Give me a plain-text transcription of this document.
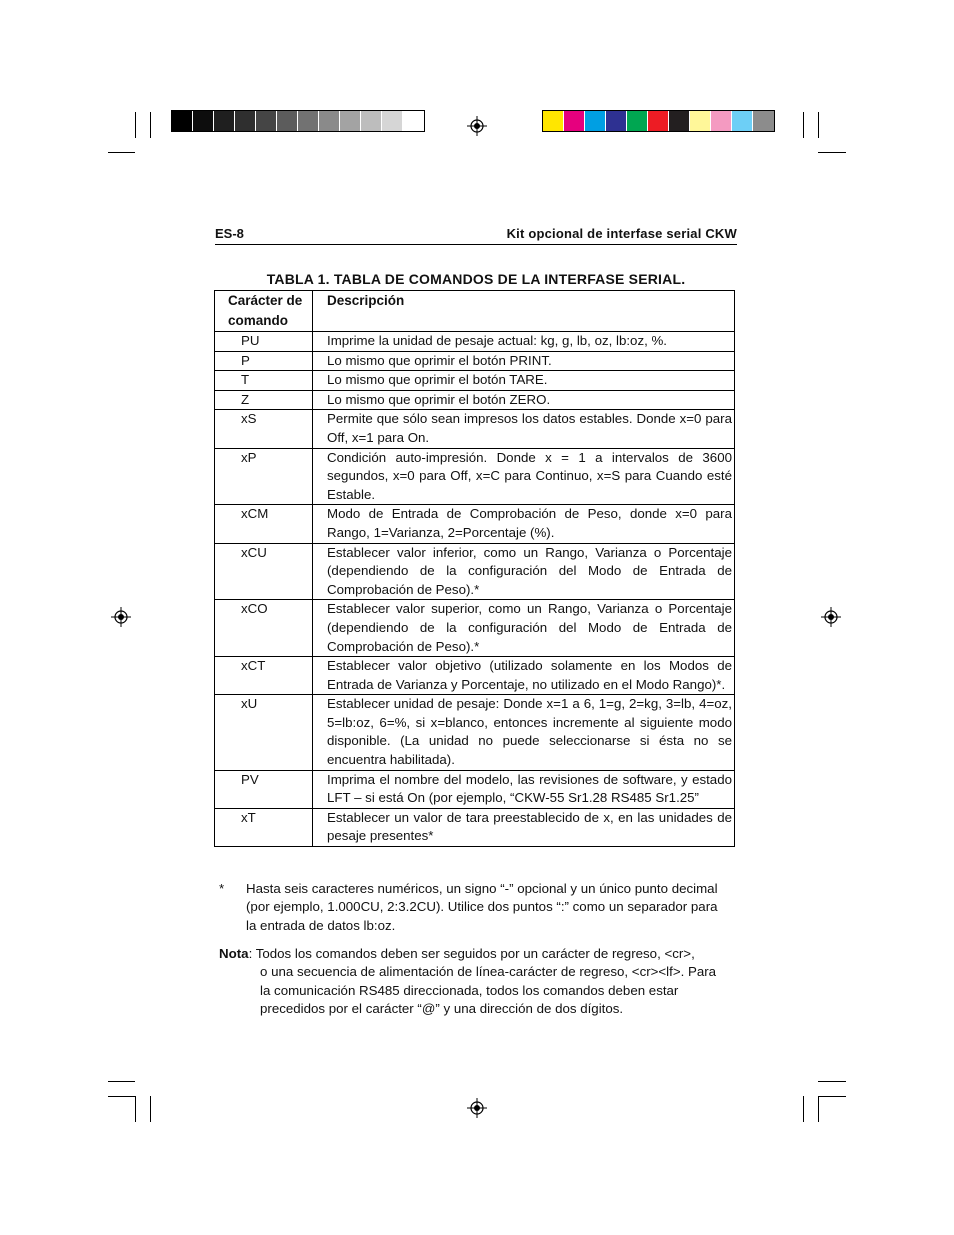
ES-8	Kit opcional de interfase serial CKW
TABLA 1. TABLA DE COMANDOS DE LA INTERFASE SERIAL.
Carácter de
comando	Descripción
PU	Imprime la unidad de pesaje actual: kg, g, lb, oz, lb:oz, %.
P	Lo mismo que oprimir el botón PRINT.
T	Lo mismo que oprimir el botón TARE.
Z	Lo mismo que oprimir el botón ZERO.
xS	Permite que sólo sean impresos los datos estables. Donde x=0 para Off, x=1 para On.
xP	Condición auto-impresión. Donde x = 1 a intervalos de 3600 segundos, x=0 para Off, x=C para Continuo, x=S para Cuando esté Estable.
xCM	Modo de Entrada de Comprobación de Peso, donde x=0 para Rango, 1=Varianza, 2=Porcentaje (%).
xCU	Establecer valor inferior, como un Rango, Varianza o Porcentaje (dependiendo de la configuración del Modo de Entrada de Comprobación de Peso).*
xCO	Establecer valor superior, como un Rango, Varianza o Porcentaje (dependiendo de la configuración del Modo de Entrada de Comprobación de Peso).*
xCT	Establecer valor objetivo (utilizado solamente en los Modos de Entrada de Varianza y Porcentaje, no utilizado en el Modo Rango)*.
xU	Establecer unidad de pesaje: Donde x=1 a 6, 1=g, 2=kg, 3=lb, 4=oz, 5=lb:oz, 6=%, si x=blanco, entonces incremente al siguiente modo disponible. (La unidad no puede seleccionarse si ésta no se encuentra habilitada).
PV	Imprima el nombre del modelo, las revisiones de software, y estado LFT – si está On (por ejemplo, “CKW-55 Sr1.28 RS485 Sr1.25”
xT	Establecer un valor de tara preestablecido de x, en las unidades de pesaje presentes*
* Hasta seis caracteres numéricos, un signo “-” opcional y un único punto decimal (por ejemplo, 1.000CU, 2:3.2CU). Utilice dos puntos “:” como un separador para la entrada de datos lb:oz.
Nota: Todos los comandos deben ser seguidos por un carácter de regreso, <cr>,
o una secuencia de alimentación de línea-carácter de regreso, <cr><lf>. Para la comunicación RS485 direccionada, todos los comandos deben estar precedidos por el carácter “@” y una dirección de dos dígitos.
